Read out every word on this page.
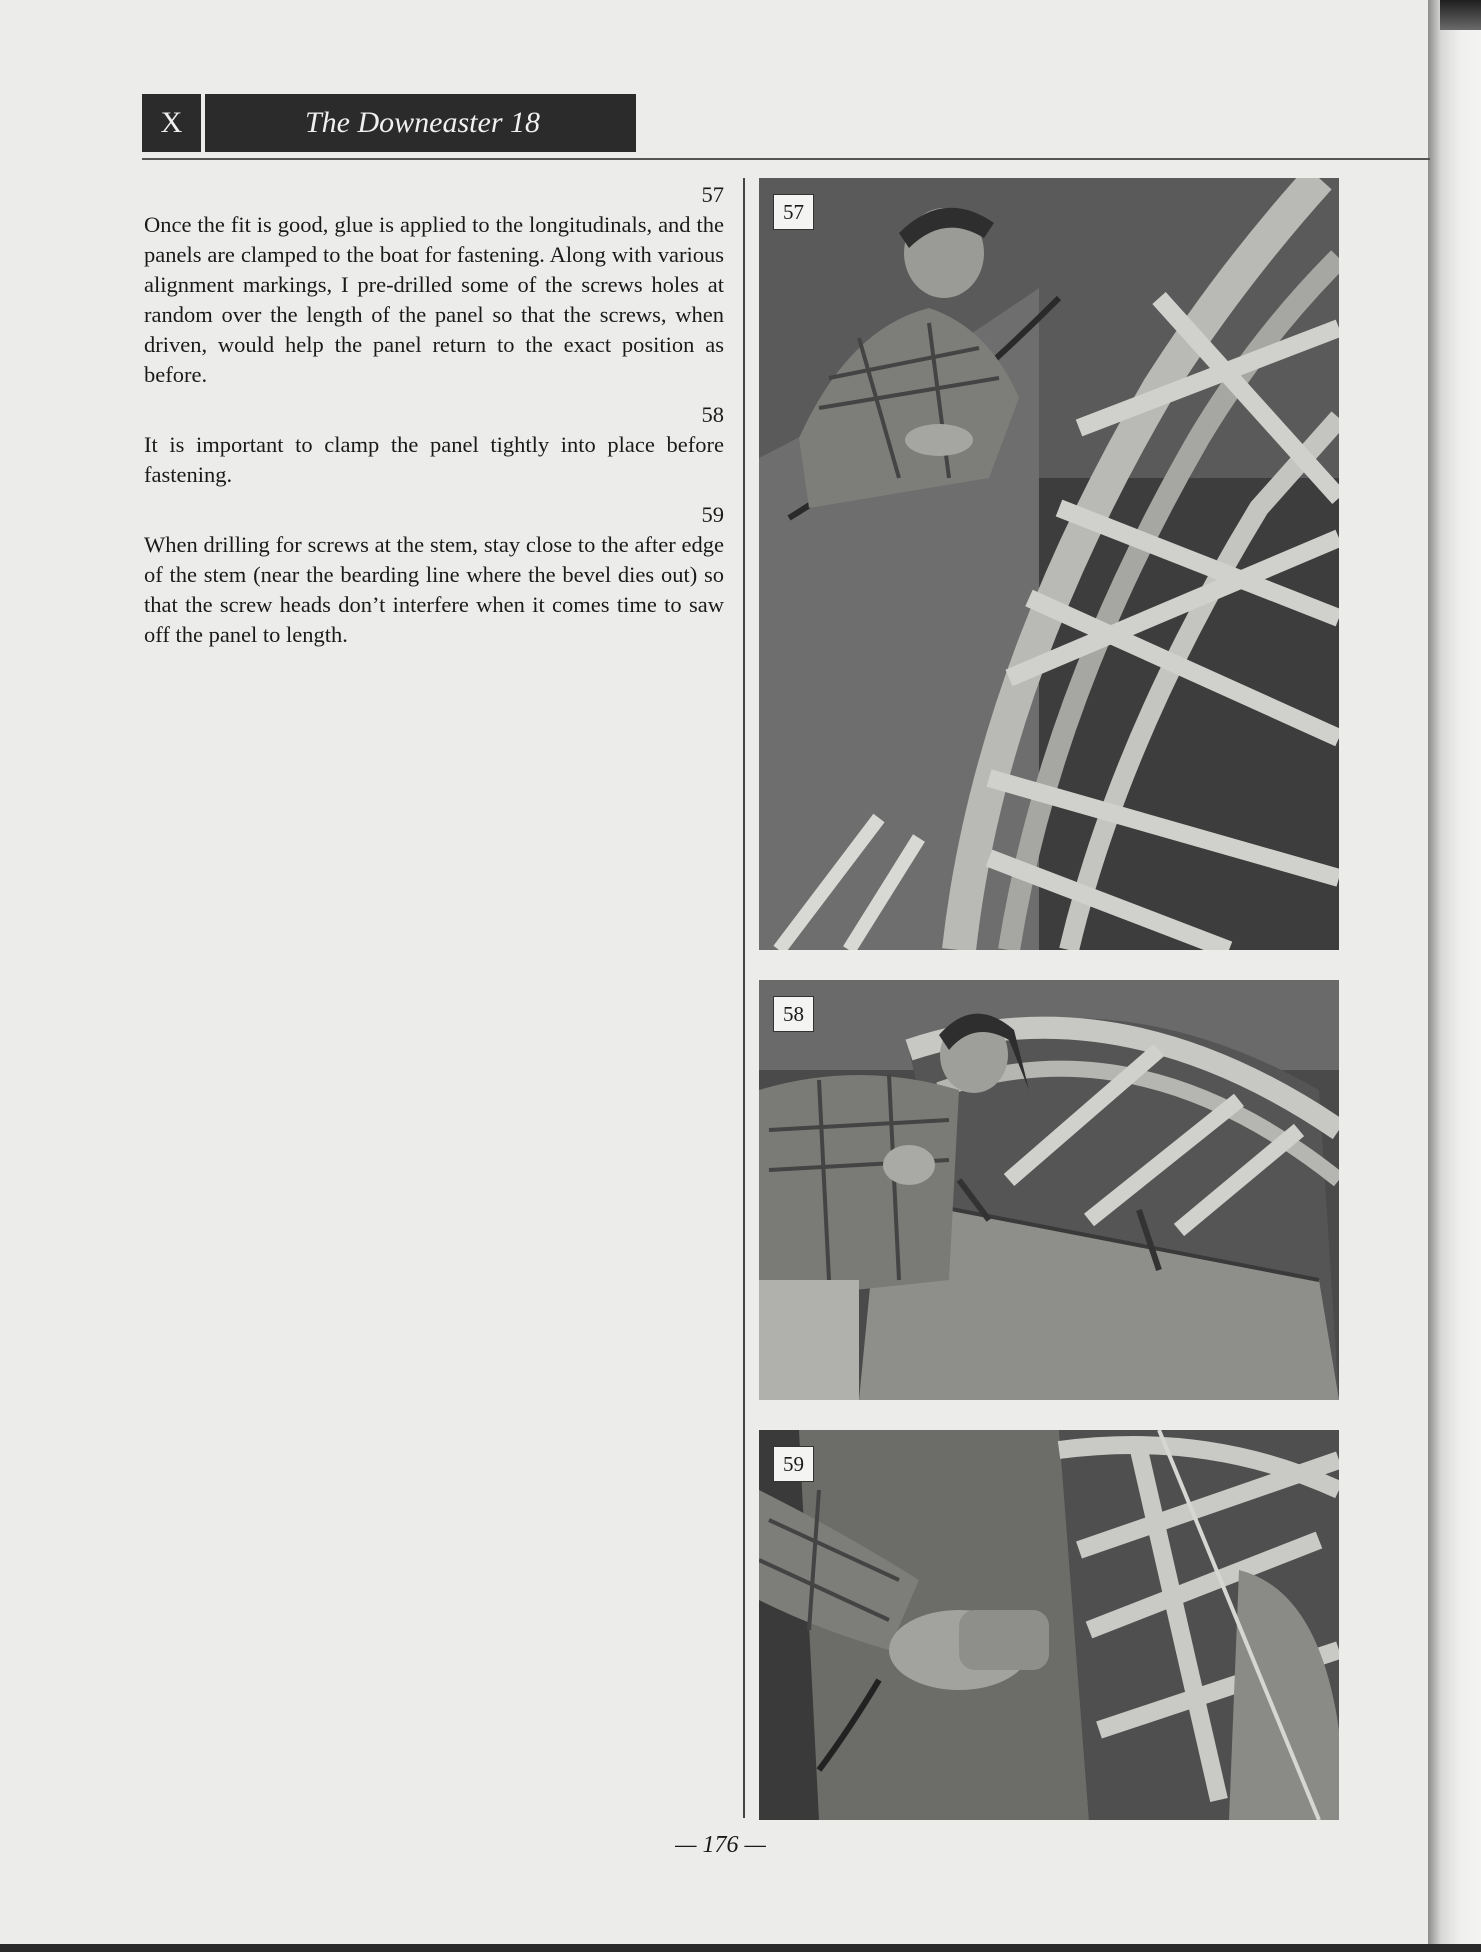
X	The Downeaster 18

57

Once the fit is good, glue is applied to the longitudinals, and the panels are clamped to the boat for fastening. Along with various alignment markings, I pre-drilled some of the screws holes at random over the length of the panel so that the screws, when driven, would help the panel return to the exact position as before.

58

It is important to clamp the panel tightly into place before fastening.

59

When drilling for screws at the stem, stay close to the after edge of the stem (near the bearding line where the bevel dies out) so that the screw heads don’t interfere when it comes time to saw off the panel to length.

57
58
59
— 176 —
